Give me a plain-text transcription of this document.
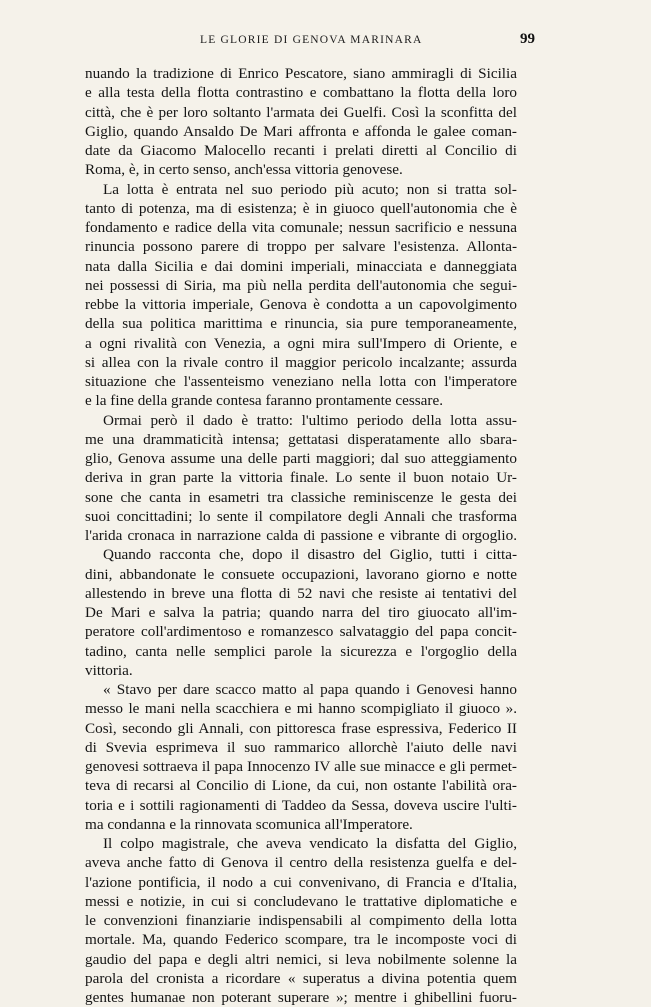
LE GLORIE DI GENOVA MARINARA	99
nuando la tradizione di Enrico Pescatore, siano ammiragli di Sicilia
e alla testa della flotta contrastino e combattano la flotta della loro
città, che è per loro soltanto l'armata dei Guelfi. Così la sconfitta del
Giglio, quando Ansaldo De Mari affronta e affonda le galee coman-
date da Giacomo Malocello recanti i prelati diretti al Concilio di
Roma, è, in certo senso, anch'essa vittoria genovese.
La lotta è entrata nel suo periodo più acuto; non si tratta sol-
tanto di potenza, ma di esistenza; è in giuoco quell'autonomia che è
fondamento e radice della vita comunale; nessun sacrificio e nessuna
rinuncia possono parere di troppo per salvare l'esistenza. Allonta-
nata dalla Sicilia e dai domini imperiali, minacciata e danneggiata
nei possessi di Siria, ma più nella perdita dell'autonomia che segui-
rebbe la vittoria imperiale, Genova è condotta a un capovolgimento
della sua politica marittima e rinuncia, sia pure temporaneamente,
a ogni rivalità con Venezia, a ogni mira sull'Impero di Oriente, e
si allea con la rivale contro il maggior pericolo incalzante; assurda
situazione che l'assenteismo veneziano nella lotta con l'imperatore
e la fine della grande contesa faranno prontamente cessare.
Ormai però il dado è tratto: l'ultimo periodo della lotta assu-
me una drammaticità intensa; gettatasi disperatamente allo sbara-
glio, Genova assume una delle parti maggiori; dal suo atteggiamento
deriva in gran parte la vittoria finale. Lo sente il buon notaio Ur-
sone che canta in esametri tra classiche reminiscenze le gesta dei
suoi concittadini; lo sente il compilatore degli Annali che trasforma
l'arida cronaca in narrazione calda di passione e vibrante di orgoglio.
Quando racconta che, dopo il disastro del Giglio, tutti i citta-
dini, abbandonate le consuete occupazioni, lavorano giorno e notte
allestendo in breve una flotta di 52 navi che resiste ai tentativi del
De Mari e salva la patria; quando narra del tiro giuocato all'im-
peratore coll'ardimentoso e romanzesco salvataggio del papa concit-
tadino, canta nelle semplici parole la sicurezza e l'orgoglio della
vittoria.
« Stavo per dare scacco matto al papa quando i Genovesi hanno
messo le mani nella scacchiera e mi hanno scompigliato il giuoco ».
Così, secondo gli Annali, con pittoresca frase espressiva, Federico II
di Svevia esprimeva il suo rammarico allorchè l'aiuto delle navi
genovesi sottraeva il papa Innocenzo IV alle sue minacce e gli permet-
teva di recarsi al Concilio di Lione, da cui, non ostante l'abilità ora-
toria e i sottili ragionamenti di Taddeo da Sessa, doveva uscire l'ulti-
ma condanna e la rinnovata scomunica all'Imperatore.
Il colpo magistrale, che aveva vendicato la disfatta del Giglio,
aveva anche fatto di Genova il centro della resistenza guelfa e del-
l'azione pontificia, il nodo a cui convenivano, di Francia e d'Italia,
messi e notizie, in cui si concludevano le trattative diplomatiche e
le convenzioni finanziarie indispensabili al compimento della lotta
mortale. Ma, quando Federico scompare, tra le incomposte voci di
gaudio del papa e degli altri nemici, si leva nobilmente solenne la
parola del cronista a ricordare « superatus a divina potentia quem
gentes humanae non poterant superare »; mentre i ghibellini fuoru-
